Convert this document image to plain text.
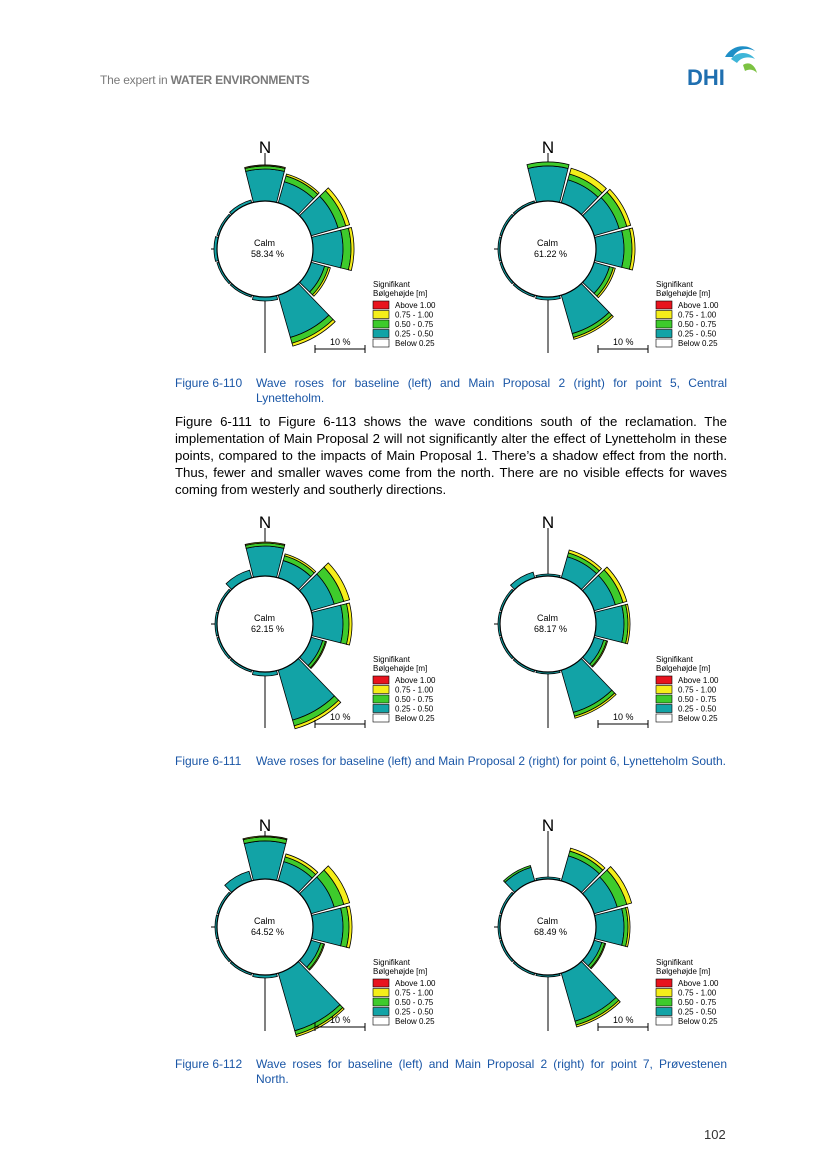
The expert in WATER ENVIRONMENTS	DHI
N
Calm
58.34 %
10 %
Signifikant
Bølgehøjde [m]
Above 1.00
0.75 - 1.00
0.50 - 0.75
0.25 - 0.50
Below 0.25
N
Calm
61.22 %
10 %
Signifikant
Bølgehøjde [m]
Above 1.00
0.75 - 1.00
0.50 - 0.75
0.25 - 0.50
Below 0.25
Figure 6-110 Wave roses for baseline (left) and Main Proposal 2 (right) for point 5, Central Lynetteholm.
Figure 6-111 to Figure 6-113 shows the wave conditions south of the reclamation. The implementation of Main Proposal 2 will not significantly alter the effect of Lynetteholm in these points, compared to the impacts of Main Proposal 1. There’s a shadow effect from the north. Thus, fewer and smaller waves come from the north. There are no visible effects for waves coming from westerly and southerly directions.
N
Calm
62.15 %
10 %
Signifikant
Bølgehøjde [m]
Above 1.00
0.75 - 1.00
0.50 - 0.75
0.25 - 0.50
Below 0.25
N
Calm
68.17 %
10 %
Signifikant
Bølgehøjde [m]
Above 1.00
0.75 - 1.00
0.50 - 0.75
0.25 - 0.50
Below 0.25
Figure 6-111 Wave roses for baseline (left) and Main Proposal 2 (right) for point 6, Lynetteholm South.
N
Calm
64.52 %
10 %
Signifikant
Bølgehøjde [m]
Above 1.00
0.75 - 1.00
0.50 - 0.75
0.25 - 0.50
Below 0.25
N
Calm
68.49 %
10 %
Signifikant
Bølgehøjde [m]
Above 1.00
0.75 - 1.00
0.50 - 0.75
0.25 - 0.50
Below 0.25
Figure 6-112 Wave roses for baseline (left) and Main Proposal 2 (right) for point 7, Prøvestenen North.
102
